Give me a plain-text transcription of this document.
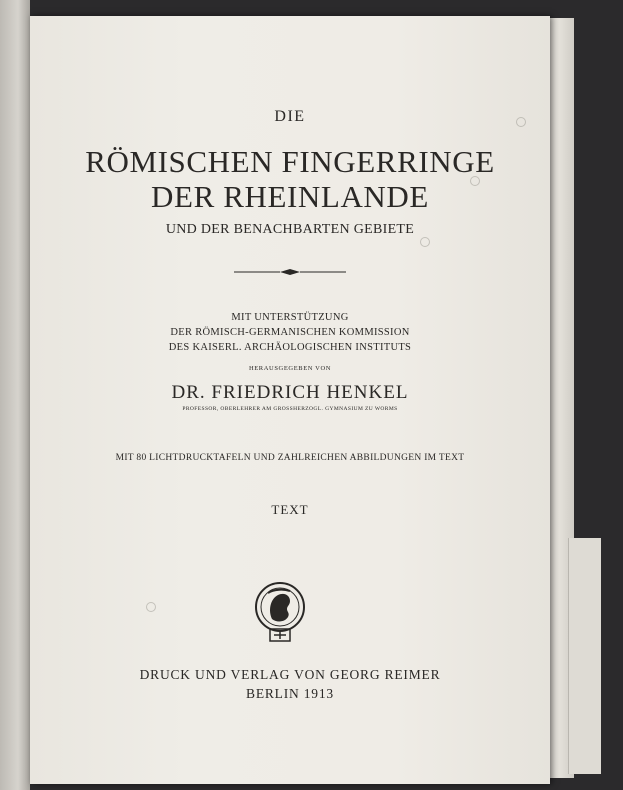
DIE
RÖMISCHEN FINGERRINGE
DER RHEINLANDE
UND DER BENACHBARTEN GEBIETE
MIT UNTERSTÜTZUNG
DER RÖMISCH-GERMANISCHEN KOMMISSION
DES KAISERL. ARCHÄOLOGISCHEN INSTITUTS
HERAUSGEGEBEN VON
DR. FRIEDRICH HENKEL
PROFESSOR, OBERLEHRER AM GROSSHERZOGL. GYMNASIUM ZU WORMS
MIT 80 LICHTDRUCKTAFELN UND ZAHLREICHEN ABBILDUNGEN IM TEXT
TEXT
DRUCK UND VERLAG VON GEORG REIMER
BERLIN 1913
